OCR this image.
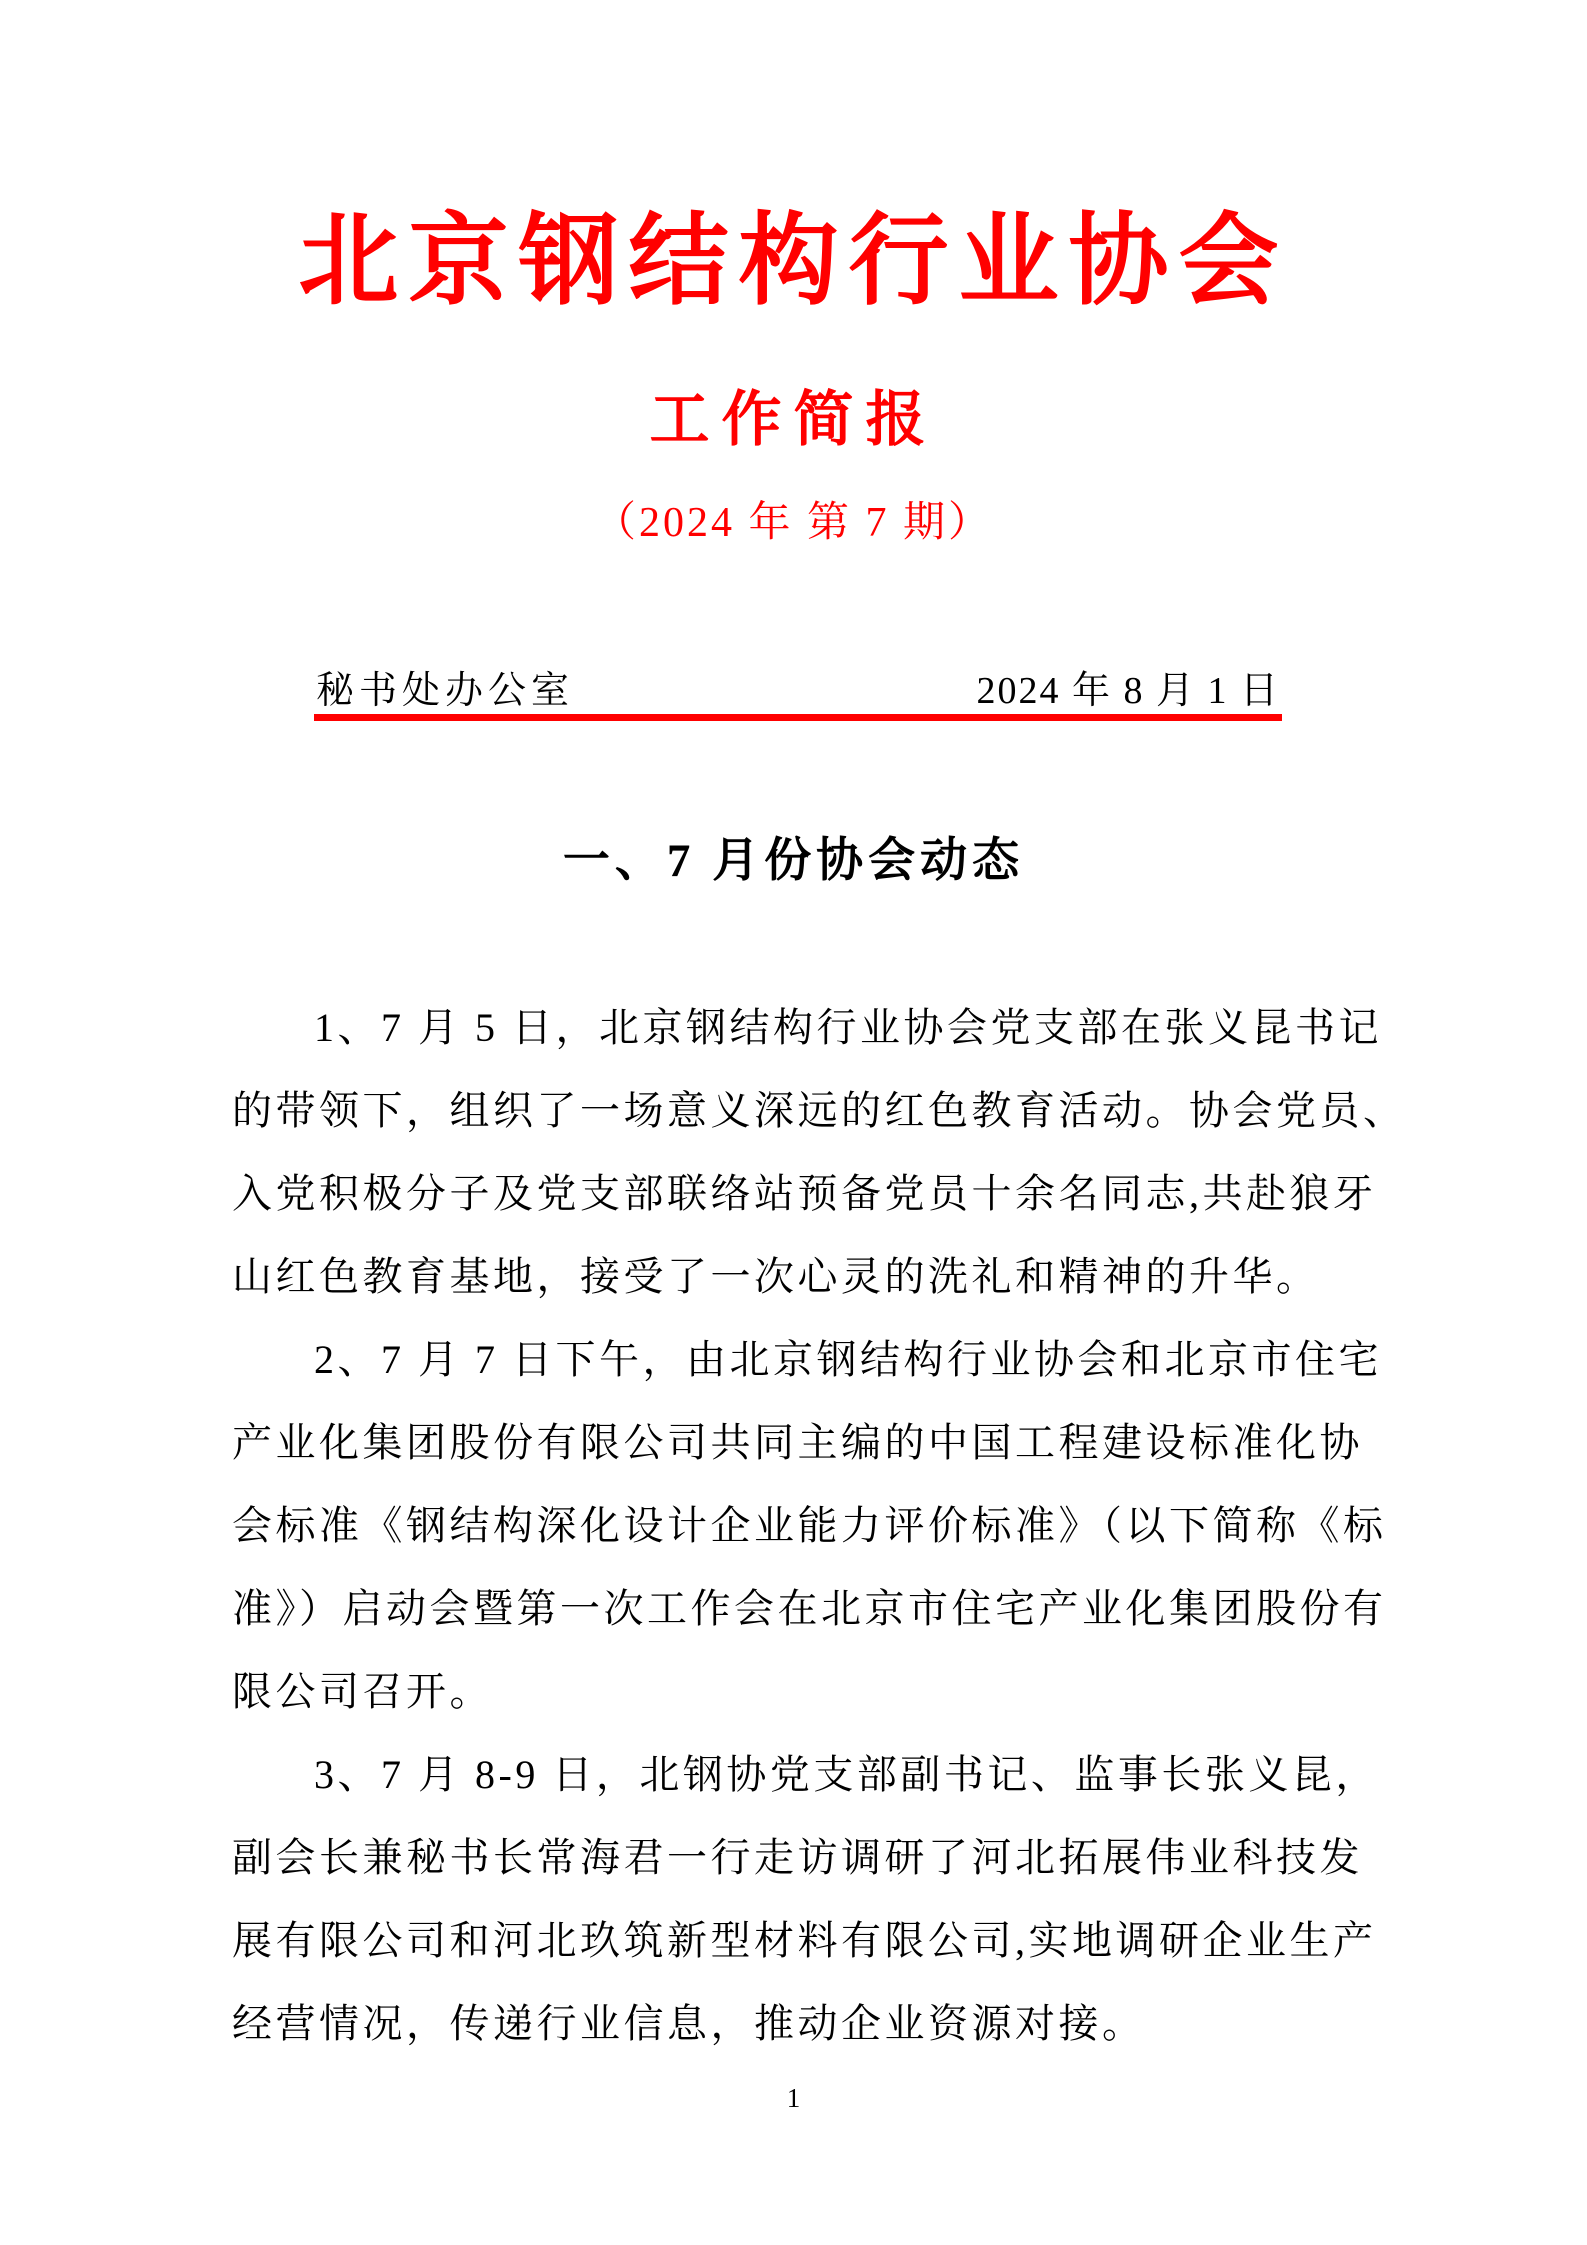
北京钢结构行业协会
工作简报
（2024 年 第 7 期）
秘书处办公室	2024 年 8 月 1 日
一、7 月份协会动态
1、7 月 5 日，北京钢结构行业协会党支部在张义昆书记
的带领下，组织了一场意义深远的红色教育活动。协会党员、
入党积极分子及党支部联络站预备党员十余名同志,共赴狼牙
山红色教育基地，接受了一次心灵的洗礼和精神的升华。
2、7 月 7 日下午，由北京钢结构行业协会和北京市住宅
产业化集团股份有限公司共同主编的中国工程建设标准化协
会标准《钢结构深化设计企业能力评价标准》（以下简称《标
准》）启动会暨第一次工作会在北京市住宅产业化集团股份有
限公司召开。
3、7 月 8-9 日，北钢协党支部副书记、监事长张义昆，
副会长兼秘书长常海君一行走访调研了河北拓展伟业科技发
展有限公司和河北玖筑新型材料有限公司,实地调研企业生产
经营情况，传递行业信息，推动企业资源对接。
1
